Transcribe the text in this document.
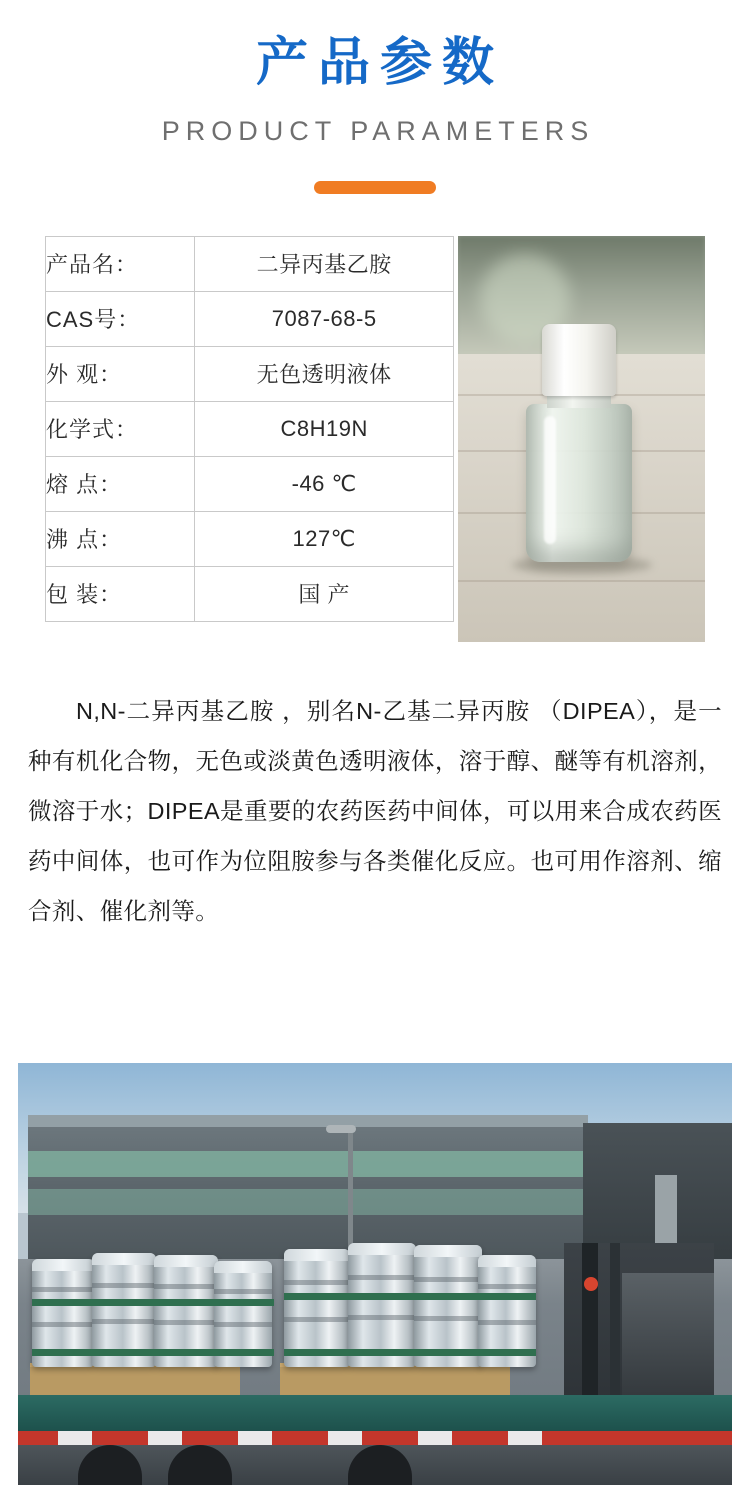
产品参数
PRODUCT PARAMETERS
产品名：	二异丙基乙胺
CAS号：	7087-68-5
外 观：	无色透明液体
化学式：	C8H19N
熔 点：	-46 ℃
沸 点：	127℃
包 装：	国 产

N,N-二异丙基乙胺 ，别名N-乙基二异丙胺 （DIPEA），是一种有机化合物，无色或淡黄色透明液体，溶于醇、醚等有机溶剂，微溶于水；DIPEA是重要的农药医药中间体，可以用来合成农药医药中间体，也可作为位阻胺参与各类催化反应。也可用作溶剂、缩合剂、催化剂等。
